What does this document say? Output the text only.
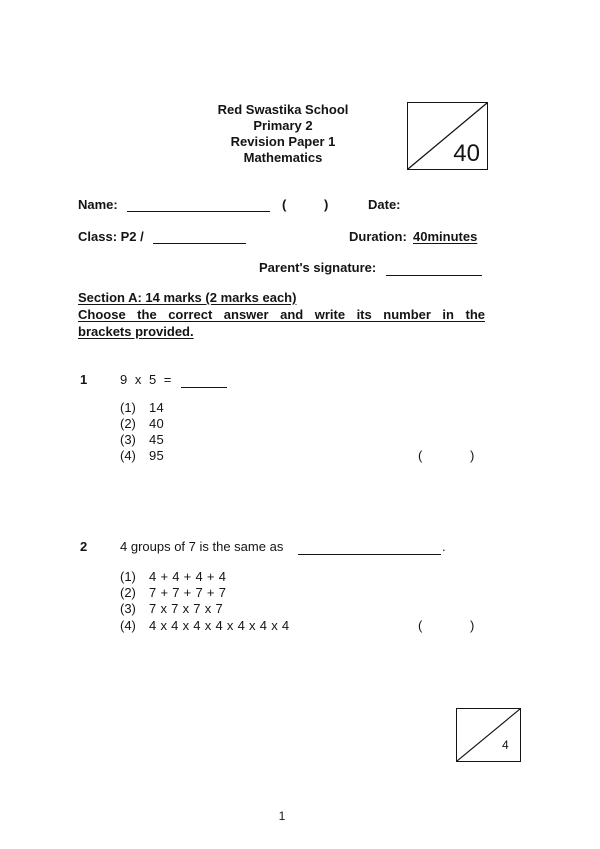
Red Swastika School
Primary 2
Revision Paper 1
Mathematics	40
Name:	(	)	Date:
Class: P2 /	Duration: 40minutes
Parent's signature:
Section A: 14 marks (2 marks each)
Choose the correct answer and write its number in the
brackets provided.
1	9 x 5 =
(1) 14
(2) 40
(3) 45
(4) 95	(	)
2	4 groups of 7 is the same as	.
(1) 4 + 4 + 4 + 4
(2) 7 + 7 + 7 + 7
(3) 7 x 7 x 7 x 7
(4) 4 x 4 x 4 x 4 x 4 x 4 x 4	(	)
4
1
